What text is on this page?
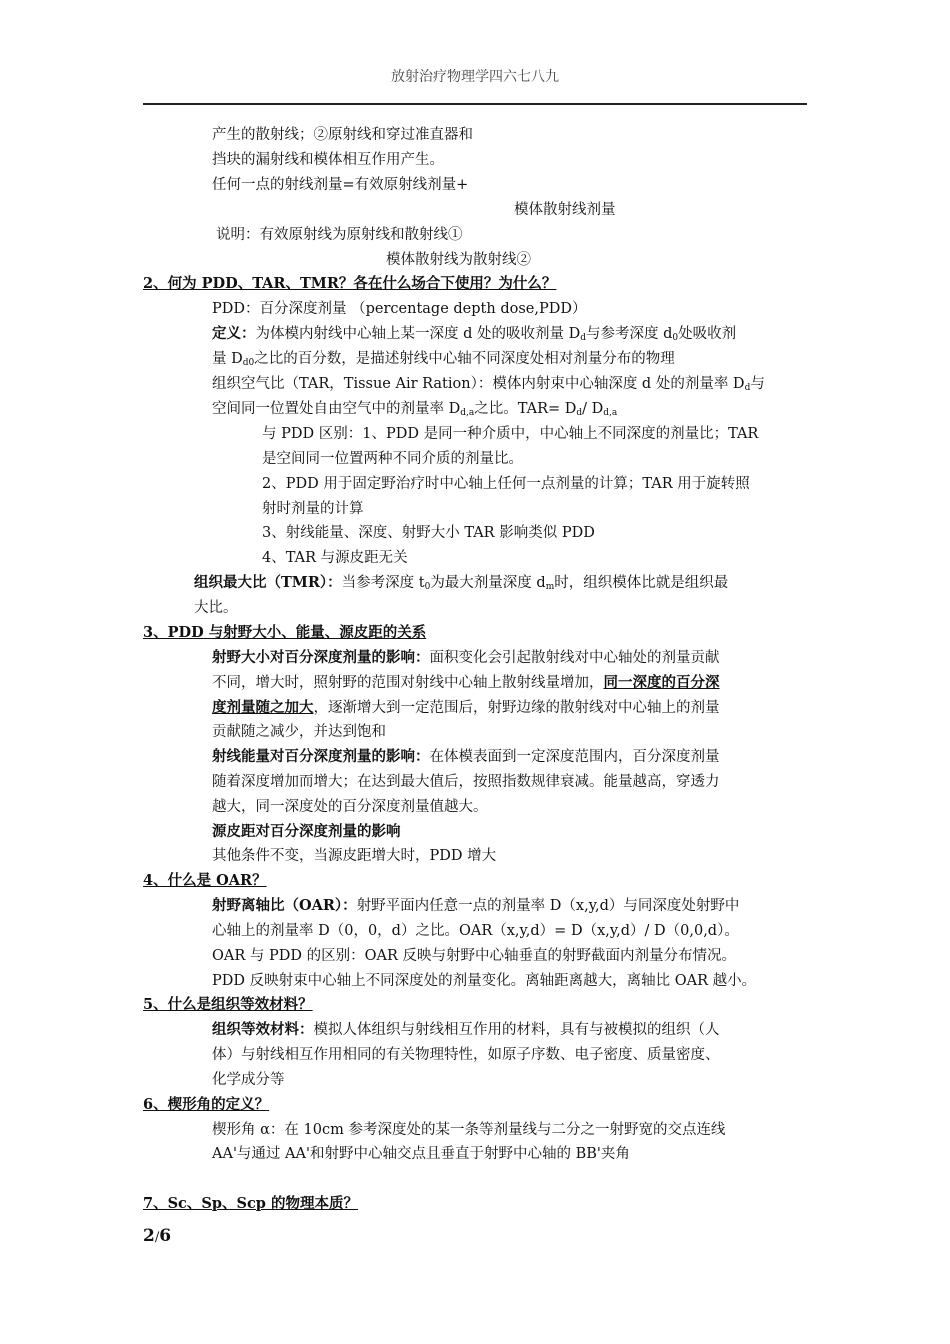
放射治疗物理学四六七八九
产生的散射线；②原射线和穿过准直器和
挡块的漏射线和模体相互作用产生。
任何一点的射线剂量=有效原射线剂量+
模体散射线剂量
说明：有效原射线为原射线和散射线①
模体散射线为散射线②
2、何为 PDD、TAR、TMR？各在什么场合下使用？为什么？
PDD：百分深度剂量 （percentage depth dose,PDD）
定义：为体模内射线中心轴上某一深度 d 处的吸收剂量 $D_d$与参考深度 $d_0$处吸收剂
量 $D_{d0}$之比的百分数，是描述射线中心轴不同深度处相对剂量分布的物理
组织空气比（TAR，Tissue Air Ration）：模体内射束中心轴深度 d 处的剂量率 $D_d$与
空间同一位置处自由空气中的剂量率 $D_{d,a}$之比。$TAR= D_d/$ $D_{d,a}$
与 PDD 区别：1、PDD 是同一种介质中，中心轴上不同深度的剂量比；TAR
是空间同一位置两种不同介质的剂量比。
2、PDD 用于固定野治疗时中心轴上任何一点剂量的计算；TAR 用于旋转照
射时剂量的计算
3、射线能量、深度、射野大小 TAR 影响类似 PDD
4、TAR 与源皮距无关
组织最大比（TMR）：当参考深度 $t_0$为最大剂量深度 $d_m$时，组织模体比就是组织最
大比。
3、PDD 与射野大小、能量、源皮距的关系
射野大小对百分深度剂量的影响：面积变化会引起散射线对中心轴处的剂量贡献
不同，增大时，照射野的范围对射线中心轴上散射线量增加，同一深度的百分深
度剂量随之加大，逐渐增大到一定范围后，射野边缘的散射线对中心轴上的剂量
贡献随之减少，并达到饱和
射线能量对百分深度剂量的影响：在体模表面到一定深度范围内，百分深度剂量
随着深度增加而增大；在达到最大值后，按照指数规律衰减。能量越高，穿透力
越大，同一深度处的百分深度剂量值越大。
源皮距对百分深度剂量的影响
其他条件不变，当源皮距增大时，PDD 增大
4、什么是 OAR？
射野离轴比（OAR）：射野平面内任意一点的剂量率 D（x,y,d）与同深度处射野中
心轴上的剂量率 D（0，0，d）之比。OAR（x,y,d）= D（x,y,d）/ D（0,0,d）。
OAR 与 PDD 的区别：OAR 反映与射野中心轴垂直的射野截面内剂量分布情况。
PDD 反映射束中心轴上不同深度处的剂量变化。离轴距离越大，离轴比 OAR 越小。
5、什么是组织等效材料？
组织等效材料：模拟人体组织与射线相互作用的材料，具有与被模拟的组织（人
体）与射线相互作用相同的有关物理特性，如原子序数、电子密度、质量密度、
化学成分等
6、楔形角的定义？
楔形角 α：在 10cm 参考深度处的某一条等剂量线与二分之一射野宽的交点连线
AA'与通过 AA'和射野中心轴交点且垂直于射野中心轴的 BB'夹角
7、Sc、Sp、Scp 的物理本质？
2/6
